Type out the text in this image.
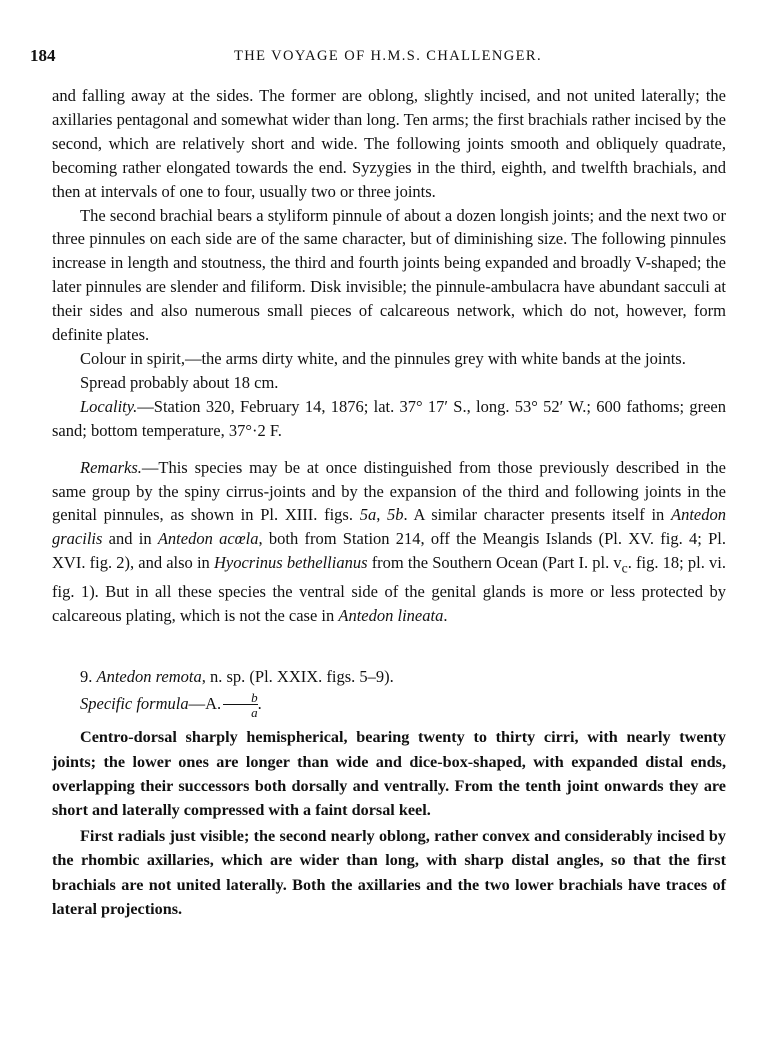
184	THE VOYAGE OF H.M.S. CHALLENGER.

and falling away at the sides. The former are oblong, slightly incised, and not united laterally; the axillaries pentagonal and somewhat wider than long. Ten arms; the first brachials rather incised by the second, which are relatively short and wide. The following joints smooth and obliquely quadrate, becoming rather elongated towards the end. Syzygies in the third, eighth, and twelfth brachials, and then at intervals of one to four, usually two or three joints.

The second brachial bears a styliform pinnule of about a dozen longish joints; and the next two or three pinnules on each side are of the same character, but of diminishing size. The following pinnules increase in length and stoutness, the third and fourth joints being expanded and broadly V-shaped; the later pinnules are slender and filiform. Disk invisible; the pinnule-ambulacra have abundant sacculi at their sides and also numerous small pieces of calcareous network, which do not, however, form definite plates.

Colour in spirit,—the arms dirty white, and the pinnules grey with white bands at the joints.

Spread probably about 18 cm.

Locality.—Station 320, February 14, 1876; lat. 37° 17′ S., long. 53° 52′ W.; 600 fathoms; green sand; bottom temperature, 37°·2 F.

Remarks.—This species may be at once distinguished from those previously described in the same group by the spiny cirrus-joints and by the expansion of the third and following joints in the genital pinnules, as shown in Pl. XIII. figs. 5a, 5b. A similar character presents itself in Antedon gracilis and in Antedon acœla, both from Station 214, off the Meangis Islands (Pl. XV. fig. 4; Pl. XVI. fig. 2), and also in Hyocrinus bethellianus from the Southern Ocean (Part I. pl. $v_c$. fig. 18; pl. vi. fig. 1). But in all these species the ventral side of the genital glands is more or less protected by calcareous plating, which is not the case in Antedon lineata.

9. Antedon remota, n. sp. (Pl. XXIX. figs. 5–9).

Specific formula—A. $\frac{b}{a}$ .

Centro-dorsal sharply hemispherical, bearing twenty to thirty cirri, with nearly twenty joints; the lower ones are longer than wide and dice-box-shaped, with expanded distal ends, overlapping their successors both dorsally and ventrally. From the tenth joint onwards they are short and laterally compressed with a faint dorsal keel.

First radials just visible; the second nearly oblong, rather convex and considerably incised by the rhombic axillaries, which are wider than long, with sharp distal angles, so that the first brachials are not united laterally. Both the axillaries and the two lower brachials have traces of lateral projections.
